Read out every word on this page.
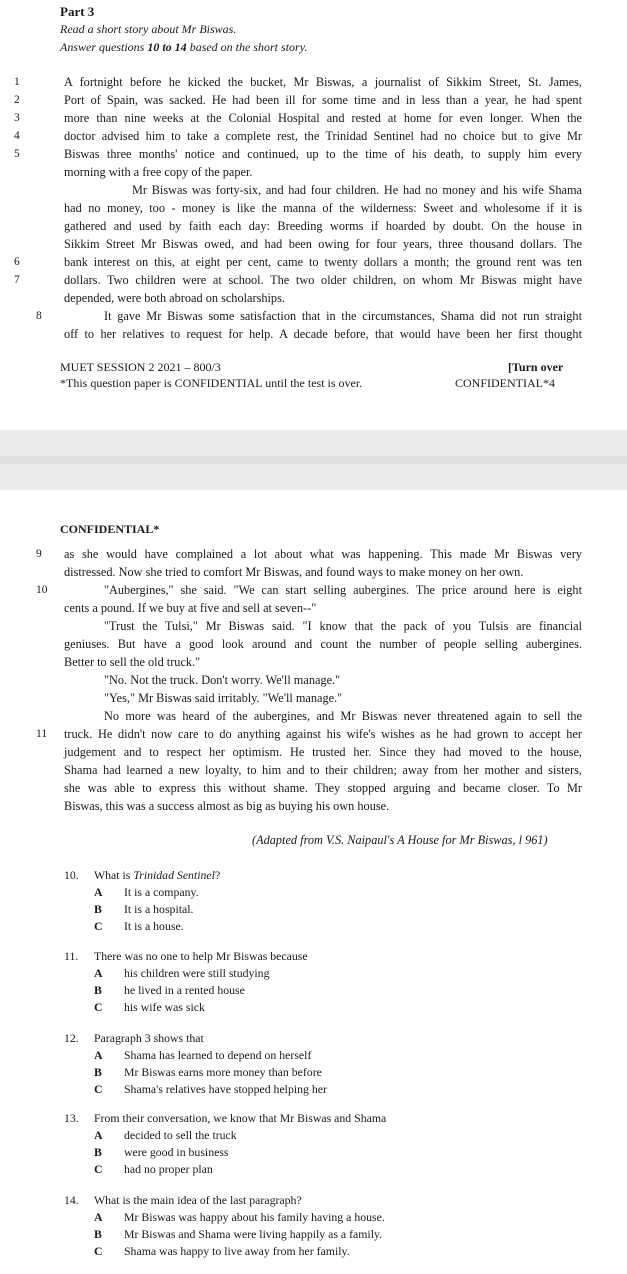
Part 3
Read a short story about Mr Biswas.
Answer questions 10 to 14 based on the short story.
1	A fortnight before he kicked the bucket, Mr Biswas, a journalist of Sikkim Street, St. James,
2	Port of Spain, was sacked. He had been ill for some time and in less than a year, he had spent
3	more than nine weeks at the Colonial Hospital and rested at home for even longer. When the
4	doctor advised him to take a complete rest, the Trinidad Sentinel had no choice but to give Mr
5	Biswas three months' notice and continued, up to the time of his death, to supply him every
morning with a free copy of the paper.
Mr Biswas was forty-six, and had four children. He had no money and his wife Shama
had no money, too - money is like the manna of the wilderness: Sweet and wholesome if it is
gathered and used by faith each day: Breeding worms if hoarded by doubt. On the house in
Sikkim Street Mr Biswas owed, and had been owing for four years, three thousand dollars. The
6	bank interest on this, at eight per cent, came to twenty dollars a month; the ground rent was ten
7	dollars. Two children were at school. The two older children, on whom Mr Biswas might have
depended, were both abroad on scholarships.
8	It gave Mr Biswas some satisfaction that in the circumstances, Shama did not run straight
off to her relatives to request for help. A decade before, that would have been her first thought
MUET SESSION 2 2021 – 800/3	[Turn over
*This question paper is CONFIDENTIAL until the test is over.	CONFIDENTIAL*4
CONFIDENTIAL*
9 as she would have complained a lot about what was happening. This made Mr Biswas very
distressed. Now she tried to comfort Mr Biswas, and found ways to make money on her own.
10	"Aubergines," she said. "We can start selling aubergines. The price around here is eight
cents a pound. If we buy at five and sell at seven--"
"Trust the Tulsi," Mr Biswas said. "I know that the pack of you Tulsis are financial
geniuses. But have a good look around and count the number of people selling aubergines.
Better to sell the old truck."
"No. Not the truck. Don't worry. We'll manage."
"Yes," Mr Biswas said irritably. "We'll manage."
No more was heard of the aubergines, and Mr Biswas never threatened again to sell the
11 truck. He didn't now care to do anything against his wife's wishes as he had grown to accept her
judgement and to respect her optimism. He trusted her. Since they had moved to the house,
Shama had learned a new loyalty, to him and to their children; away from her mother and sisters,
she was able to express this without shame. They stopped arguing and became closer. To Mr
Biswas, this was a success almost as big as buying his own house.
(Adapted from V.S. Naipaul's A House for Mr Biswas, l 961)
10. What is Trinidad Sentinel?
A It is a company.
B It is a hospital.
C It is a house.
11. There was no one to help Mr Biswas because
A his children were still studying
B he lived in a rented house
C his wife was sick
12. Paragraph 3 shows that
A Shama has learned to depend on herself
B Mr Biswas earns more money than before
C Shama's relatives have stopped helping her
13. From their conversation, we know that Mr Biswas and Shama
A decided to sell the truck
B were good in business
C had no proper plan
14. What is the main idea of the last paragraph?
A Mr Biswas was happy about his family having a house.
B Mr Biswas and Shama were living happily as a family.
C Shama was happy to live away from her family.
